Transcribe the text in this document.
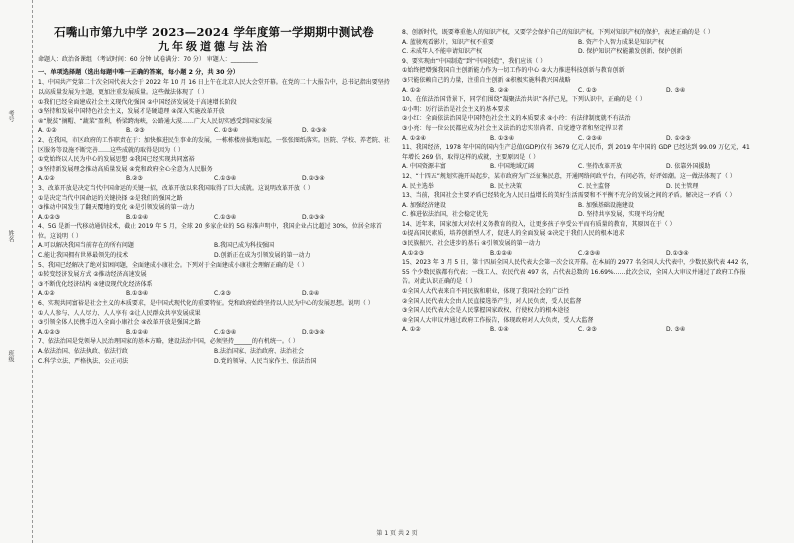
考号
姓名
班级
石嘴山市第九中学 2023—2024 学年度第一学期期中测试卷
九年级道德与法治
命题人：政治备课组 （考试时间：60 分钟 试卷满分：70 分） 审题人：_________
一、单项选择题（选出每题中唯一正确的答案，每小题 2 分，共 30 分）
1、中国共产党第二十次全国代表大会于 2022 年 10 月 16 日上午在北京人民大会堂开幕。在党的二十大报告中，总书记指出要坚持以高质量发展为主题，更加注重发展质量。这些做法体现了（ ）
①我们已经全面建成社会主义现代化强国 ②中国经济发展处于高速增长阶段
③坚持和发展中国特色社会主义，发展才是硬道理 ④深入实施改革开放
④“脱贫”摘帽、“蔬菜”盈利，桥梁跨海峡，公路通大漠……广大人民切实感受到国家发展
A. ①②	B. ②③	C. ①③④	D. ②③④
2、在我国，市区政府的工作职责在于：加快推进民生事业的发展，一栋栋楼房拔地而起，一张张图纸落实。医院、学校、养老院、社区服务等设施不断完善……这些成就的取得是因为（ ）
①党始终以人民为中心的发展思想 ②我国已经实现共同富裕
③坚持新发展理念推动高质量发展 ④党和政府全心全意为人民服务
A.①②	B.②③	C.①③④	D.②③④
3、改革开放是决定当代中国命运的关键一招，改革开放以来我国取得了巨大成就。这说明改革开放（ ）
①是决定当代中国命运的关键抉择 ②是我们的强国之路
③推动中国发生了翻天覆地的变化 ④是引领发展的第一动力
A.①②③	B.①②④	C.①③④	D.②③④
4、5G 是新一代移动通信技术，截止 2019 年 5 月，全球 20 多家企业的 5G 标准声明中，我国企业占比超过 30%，位居全球首位。这说明（ ）
A.可以解决我国当前存在的所有问题	B.我国已成为科技强国
C.能让我国拥有世界最领先的技术	D.创新正在成为引领发展的第一动力
5、我国已经解决了绝对贫困问题，全面建成小康社会。下列对于全面建成小康社会理解正确的是（ ）
①转变经济发展方式 ②推动经济高速发展
③不断优化经济结构 ④建设现代化经济体系
A.①②	B.①③④	C.②③	D.②④
6、实现共同富裕是社会主义的本质要求，是中国式现代化的重要特征。党和政府始终坚持以人民为中心的发展思想。说明（ ）
①人人参与、人人尽力、人人享有 ②让人民群众共享发展成果
③引领全体人民携手迈入全面小康社会 ④改革开放是强国之路
A.①②③	B.①②④	C.①③④	D.②③④
7、依法治国是党领导人民治理国家的基本方略，建设法治中国，必须坚持______的有机统一。（ ）
A.依法治国、依法执政、依法行政	B.法治国家、法治政府、法治社会
C.科学立法、严格执法、公正司法	D.党的领导、人民当家作主、依法治国
8、创新时代，既要尊重他人的知识产权，又要学会保护自己的知识产权。下列对知识产权的保护，表述正确的是（ ）
A. 蓝骏观看影片，知识产权不重要	B. 资产个人智力成果是知识产权
C. 未成年人不能申请知识产权	D. 保护知识产权能激发创新、保护创新
9、要实现由“中国制造”到“中国创造”，我们应该（ ）
①始终把增强我国自主创新能力作为一切工作的中心 ②大力推进科技创新与教育创新
③只能依赖自己的力量，注重自主创新 ④积极实施科教兴国战略
A. ①②	B. ②④	C. ①③	D. ③④
10、在依法治国背景下，同学们围绕“凝聚法治共识”各抒己见，下列认识中，正确的是（ ）
①小明：厉行法治是社会主义的基本要求
②小红：全面依法治国是中国特色社会主义的本质要求 ④小玲：有法律制度就不有法治
③小亮：每一位公民都应成为社会主义法治的忠实崇尚者、自觉遵守者和坚定捍卫者
A. ①②④	B. ①③④	C. ②③④	D. ①②③
11、我国经济，1978 年中国的国内生产总值(GDP)仅有 3679 亿元人民币，到 2019 年中国的 GDP 已经达到 99.09 万亿元，41 年增长 269 倍，取得这样的成就，主要原因是（ ）
A. 中国资源丰富	B. 中国地域辽阔	C. 坚持改革开放	D. 依靠外国援助
12、“十四五”规划实施开局起步，某市政府为广泛征集民意，开通网络问政平台，有问必答，好评如潮。这一做法体现了（ ）
A. 民主选举	B. 民主决策	C. 民主监督	D. 民主管理
13、当前，我国社会主要矛盾已经转化为人民日益增长的美好生活需要和不平衡不充分的发展之间的矛盾。解决这一矛盾（ ）
A. 加强经济建设	B. 加强基础设施建设
C. 推进依法治国，社会稳定优先	D. 坚持共享发展，实现平均分配
14、近年来，国家加大对农村义务教育的投入，让更多孩子享受公平而有质量的教育，其原因在于（ ）
①提高国民素质，培养创新型人才，促进人的全面发展 ②决定于我们人民的根本追求
③民族振兴、社会进步的基石 ④引领发展的第一动力
A.①②③	B.①②④	C.②③④	D.①③④
15、2023 年 3 月 5 日，第十四届全国人民代表大会第一次会议开幕。在本届的 2977 名全国人大代表中，少数民族代表 442 名，55 个少数民族都有代表；一线工人、农民代表 497 名，占代表总数的 16.69%……此次会议，全国人大审议并通过了政府工作报告。对此认识正确的是（ ）
①全国人大代表来自不同民族和职业，体现了我国社会的广泛性
②全国人民代表大会由人民直接选举产生，对人民负责，受人民监督
③全国人民代表大会是人民掌握国家政权、行使权力的根本途径
④全国人大审议并通过政府工作报告，体现政府对人大负责，受人大监督
A. ①②	B. ①④	C. ②③	D. ③④
第 1 页 共 2 页
